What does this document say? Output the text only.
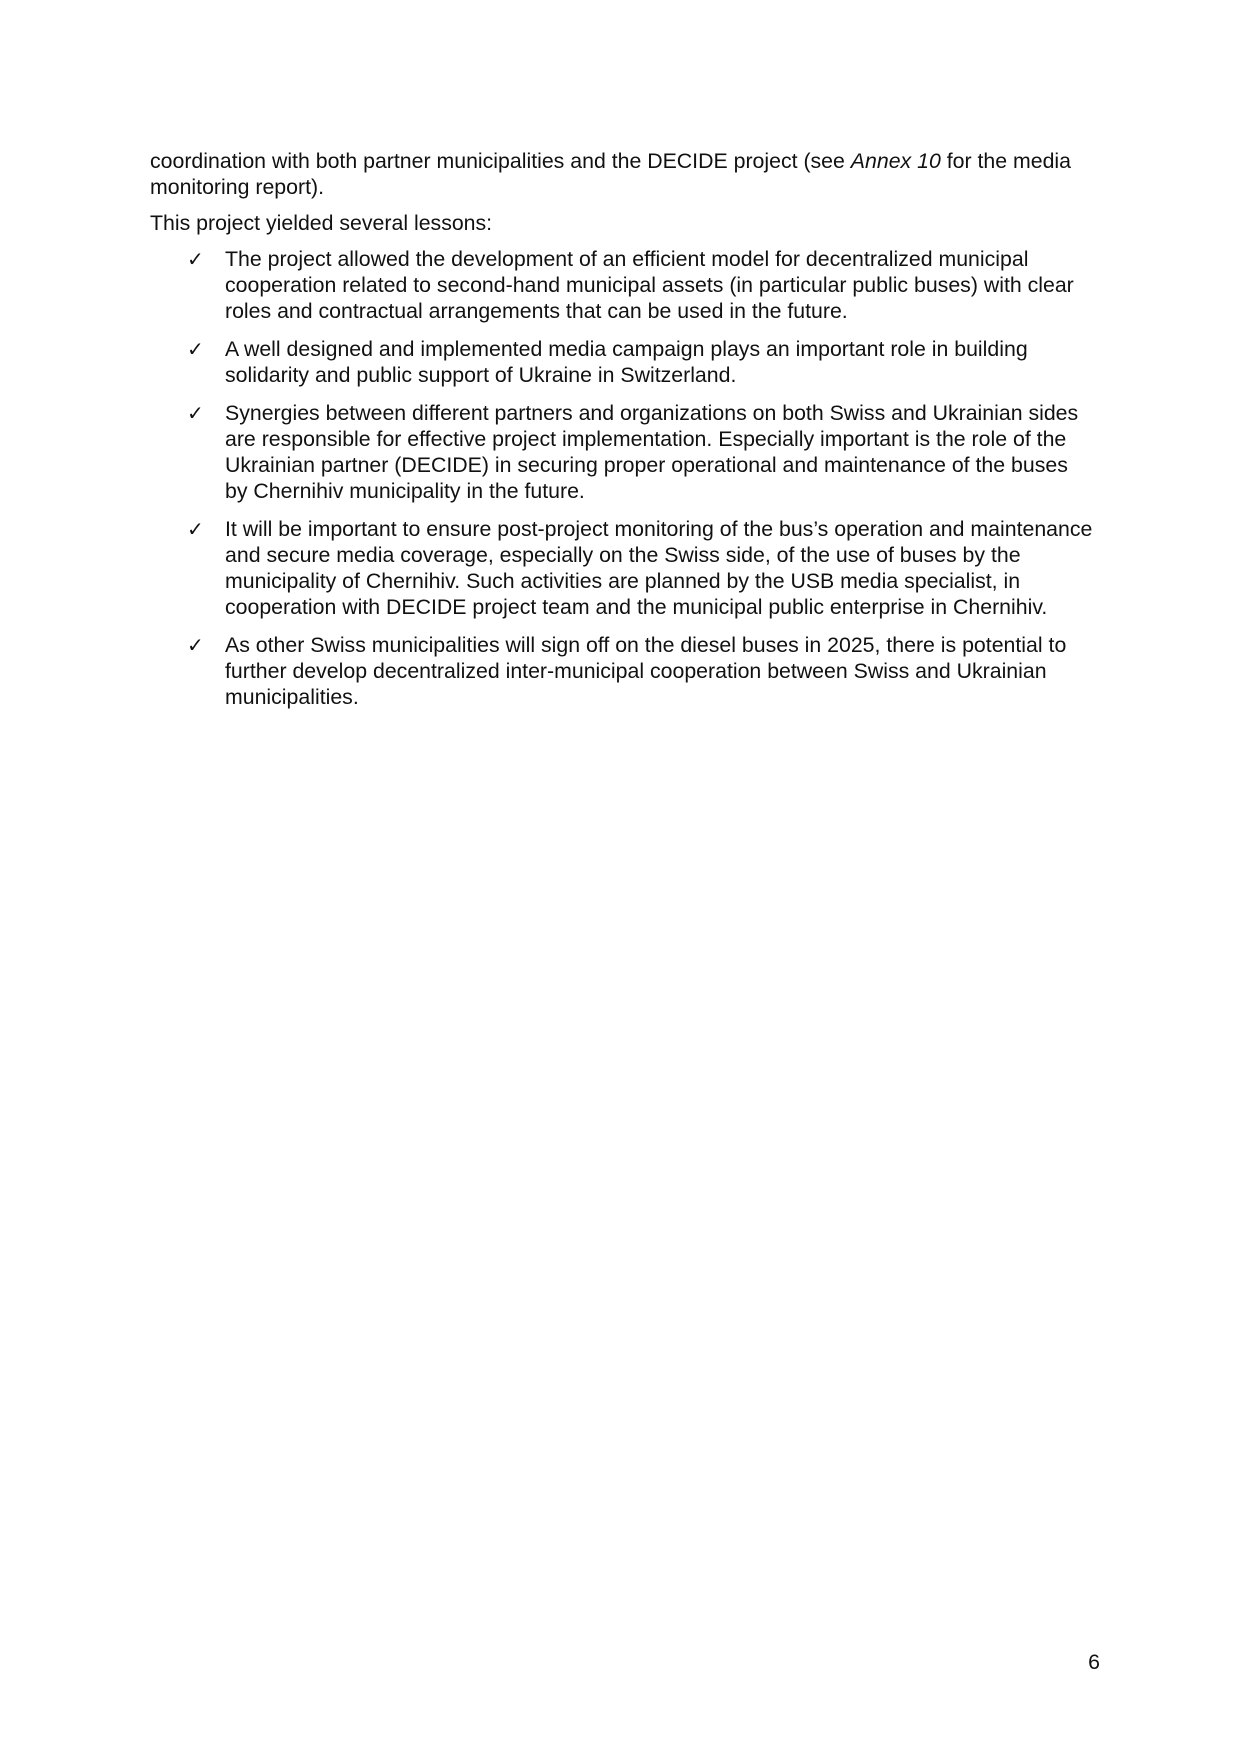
coordination with both partner municipalities and the DECIDE project (see Annex 10 for the media monitoring report).

This project yielded several lessons:

✓ The project allowed the development of an efficient model for decentralized municipal cooperation related to second-hand municipal assets (in particular public buses) with clear roles and contractual arrangements that can be used in the future.
✓ A well designed and implemented media campaign plays an important role in building solidarity and public support of Ukraine in Switzerland.
✓ Synergies between different partners and organizations on both Swiss and Ukrainian sides are responsible for effective project implementation. Especially important is the role of the Ukrainian partner (DECIDE) in securing proper operational and maintenance of the buses by Chernihiv municipality in the future.
✓ It will be important to ensure post-project monitoring of the bus’s operation and maintenance and secure media coverage, especially on the Swiss side, of the use of buses by the municipality of Chernihiv. Such activities are planned by the USB media specialist, in cooperation with DECIDE project team and the municipal public enterprise in Chernihiv.
✓ As other Swiss municipalities will sign off on the diesel buses in 2025, there is potential to further develop decentralized inter-municipal cooperation between Swiss and Ukrainian municipalities.
6
